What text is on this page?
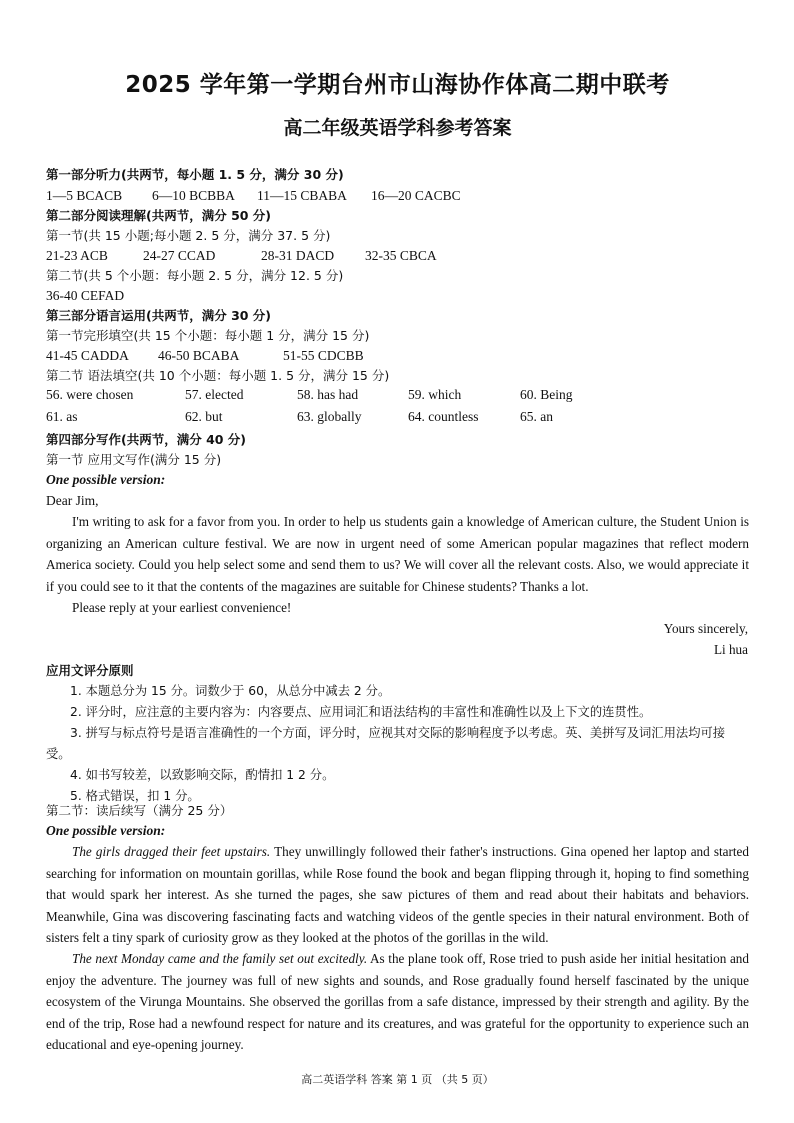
2025 学年第一学期台州市山海协作体高二期中联考
高二年级英语学科参考答案
第一部分听力(共两节，每小题 1. 5 分，满分 30 分)
1—5 BCACB 6—10 BCBBA 11—15 CBABA 16—20 CACBC
第二部分阅读理解(共两节，满分 50 分)
第一节(共 15 小题;每小题 2. 5 分，满分 37. 5 分)
21-23 ACB	24-27 CCAD	28-31 DACD 32-35 CBCA
第二节(共 5 个小题：每小题 2. 5 分，满分 12. 5 分)
36-40 CEFAD
第三部分语言运用(共两节，满分 30 分)
第一节完形填空(共 15 个小题：每小题 1 分，满分 15 分)
41-45 CADDA 46-50 BCABA	51-55 CDCBB
第二节 语法填空(共 10 个小题：每小题 1. 5 分，满分 15 分)
56. were chosen	57. elected	58. has had	59. which	60. Being
61. as	62. but	63. globally	64. countless	65. an
第四部分写作(共两节，满分 40 分)
第一节 应用文写作(满分 15 分)
One possible version:
Dear Jim,
I'm writing to ask for a favor from you. In order to help us students gain a knowledge of American culture, the Student Union is organizing an American culture festival. We are now in urgent need of some American popular magazines that reflect modern America society. Could you help select some and send them to us? We will cover all the relevant costs. Also, we would appreciate it if you could see to it that the contents of the magazines are suitable for Chinese students? Thanks a lot.
Please reply at your earliest convenience!
Yours sincerely,
Li hua
应用文评分原则
1. 本题总分为 15 分。词数少于 60，从总分中减去 2 分。
2. 评分时，应注意的主要内容为：内容要点、应用词汇和语法结构的丰富性和准确性以及上下文的连贯性。
3. 拼写与标点符号是语言准确性的一个方面，评分时，应视其对交际的影响程度予以考虑。英、美拼写及词汇用法均可接受。
4. 如书写较差，以致影响交际，酌情扣 1 2 分。
5. 格式错误，扣 1 分。
第二节：读后续写（满分 25 分）
One possible version:
The girls dragged their feet upstairs. They unwillingly followed their father's instructions. Gina opened her laptop and started searching for information on mountain gorillas, while Rose found the book and began flipping through it, hoping to find something that would spark her interest. As she turned the pages, she saw pictures of them and read about their habitats and behaviors. Meanwhile, Gina was discovering fascinating facts and watching videos of the gentle species in their natural environment. Both of sisters felt a tiny spark of curiosity grow as they looked at the photos of the gorillas in the wild.
The next Monday came and the family set out excitedly. As the plane took off, Rose tried to push aside her initial hesitation and enjoy the adventure. The journey was full of new sights and sounds, and Rose gradually found herself fascinated by the unique ecosystem of the Virunga Mountains. She observed the gorillas from a safe distance, impressed by their strength and agility. By the end of the trip, Rose had a newfound respect for nature and its creatures, and was grateful for the opportunity to experience such an educational and eye-opening journey.
高二英语学科 答案 第 1 页 （共 5 页）
